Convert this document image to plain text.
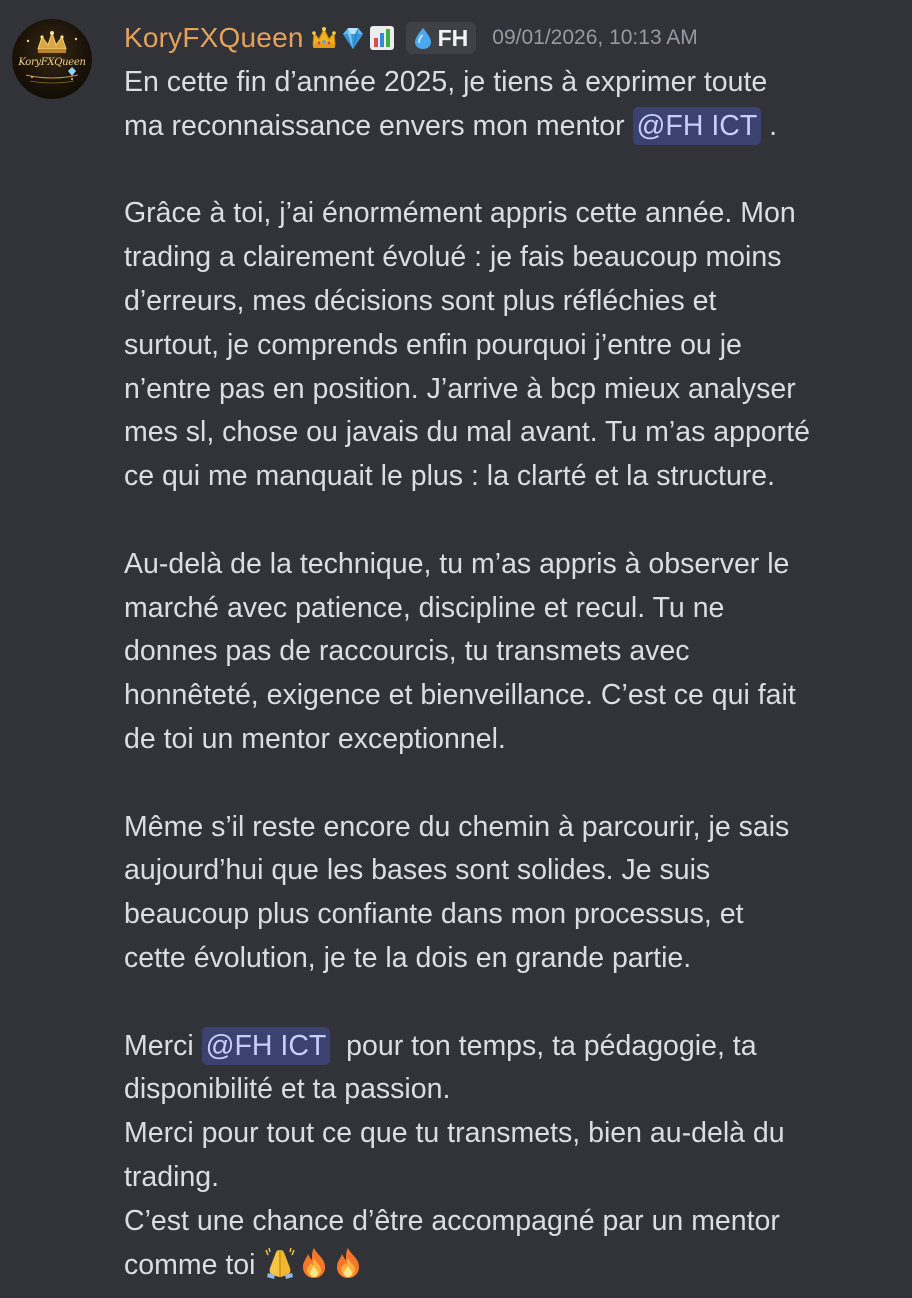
KoryFXQueen
KoryFXQueen	FH 09/01/2026, 10:13 AM
En cette fin d’année 2025, je tiens à exprimer toute
ma reconnaissance envers mon mentor @FH ICT .
Grâce à toi, j’ai énormément appris cette année. Mon
trading a clairement évolué : je fais beaucoup moins
d’erreurs, mes décisions sont plus réfléchies et
surtout, je comprends enfin pourquoi j’entre ou je
n’entre pas en position. J’arrive à bcp mieux analyser
mes sl, chose ou javais du mal avant. Tu m’as apporté
ce qui me manquait le plus : la clarté et la structure.
Au-delà de la technique, tu m’as appris à observer le
marché avec patience, discipline et recul. Tu ne
donnes pas de raccourcis, tu transmets avec
honnêteté, exigence et bienveillance. C’est ce qui fait
de toi un mentor exceptionnel.
Même s’il reste encore du chemin à parcourir, je sais
aujourd’hui que les bases sont solides. Je suis
beaucoup plus confiante dans mon processus, et
cette évolution, je te la dois en grande partie.
Merci @FH ICT  pour ton temps, ta pédagogie, ta
disponibilité et ta passion.
Merci pour tout ce que tu transmets, bien au-delà du
trading.
C’est une chance d’être accompagné par un mentor
comme toi
